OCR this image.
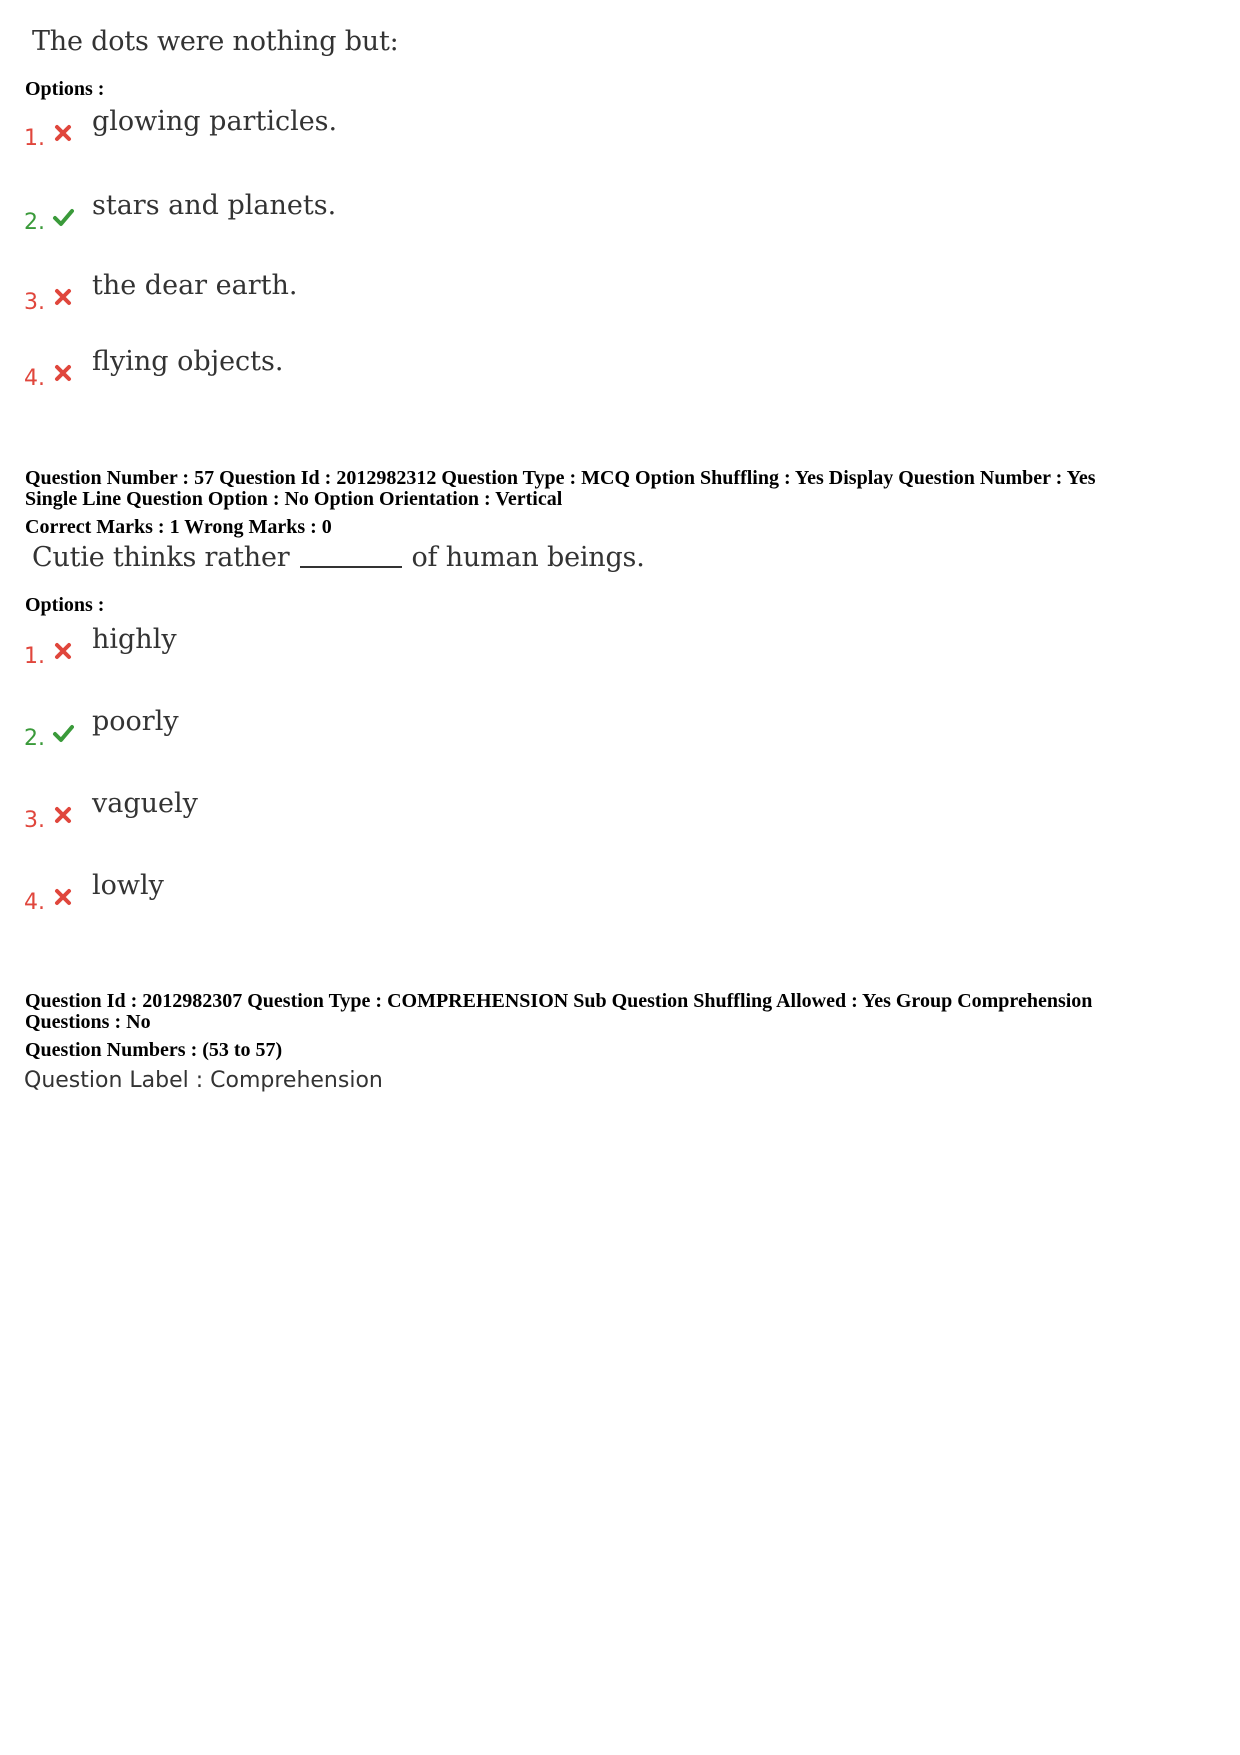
The dots were nothing but:
Options :
1.
glowing particles.
2.
stars and planets.
3.
the dear earth.
4.
flying objects.
Question Number : 57 Question Id : 2012982312 Question Type : MCQ Option Shuffling : Yes Display Question Number : Yes
Single Line Question Option : No Option Orientation : Vertical
Correct Marks : 1 Wrong Marks : 0
Cutie thinks rather	of human beings.
Options :
1.
highly
2.
poorly
3.
vaguely
4.
lowly
Question Id : 2012982307 Question Type : COMPREHENSION Sub Question Shuffling Allowed : Yes Group Comprehension
Questions : No
Question Numbers : (53 to 57)
Question Label : Comprehension
